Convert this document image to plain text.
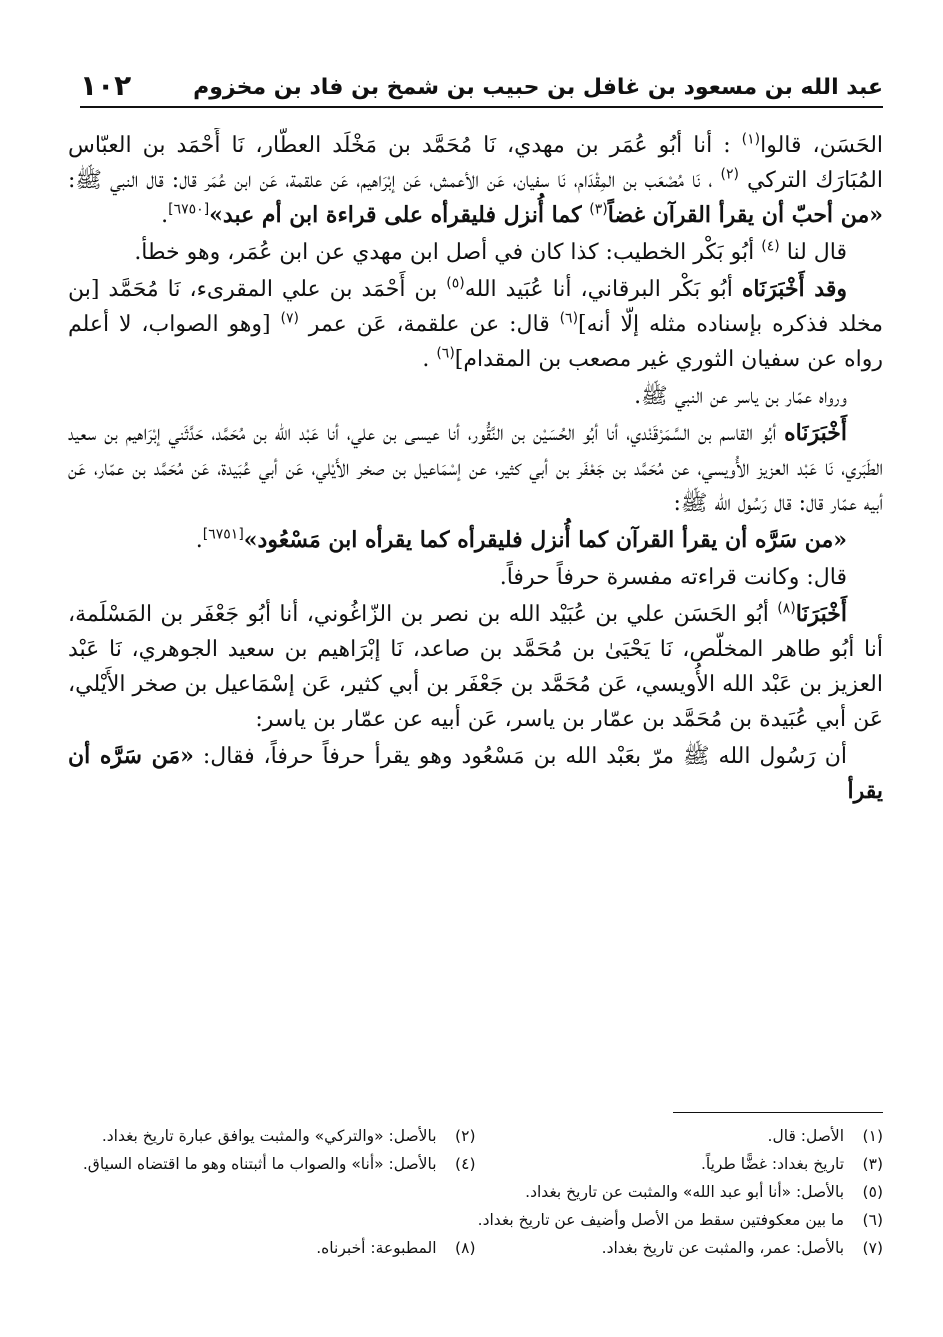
١٠٢	عبد الله بن مسعود بن غافل بن حبيب بن شمخ بن فاد بن مخزوم

الحَسَن، قالوا$^{(١)}$ : أنا أبُو عُمَر بن مهدي، نَا مُحَمَّد بن مَخْلَد العطَّار، نَا أَحْمَد بن العبّاس المُبَارَك التركي $^{(٢)}$ ، نَا مُصْعَب بن المِقْدَام، نَا سفيان، عَن الأعمش، عَن إبْرَاهيم، عَن علقمة، عَن ابن عُمَر قال: قال النبي ﷺ: «من أحبّ أن يقرأ القرآن غضاً$^{(٣)}$ كما أُنزل فليقرأه على قراءة ابن أم عبد»[٦٧٥٠].

قال لنا $^{(٤)}$ أبُو بَكْر الخطيب: كذا كان في أصل ابن مهدي عن ابن عُمَر، وهو خطأ.

وقد أَخْبَرَنَاه أبُو بَكْر البرقاني، أنا عُبَيد الله$^{(٥)}$ بن أَحْمَد بن علي المقرىء، نَا مُحَمَّد [بن مخلد فذكره بإسناده مثله إلّا أنه]$^{(٦)}$ قال: عن علقمة، عَن عمر $^{(٧)}$ [وهو الصواب، لا أعلم رواه عن سفيان الثوري غير مصعب بن المقدام]$^{(٦)}$ .

ورواه عمّار بن ياسر عن النبي ﷺ.

أَخْبَرَنَاه أبُو القاسم بن السَّمَرْقَنْدي، أنا أبُو الحُسَيْن بن النَّقُّور، أنا عيسى بن علي، أنا عَبْد الله بن مُحَمَّد، حَدَّثَني إبْرَاهيم بن سعيد الطَبَري، نَا عَبْد العزيز الأُويسي، عن مُحَمَّد بن جَعْفَر بن أبي كثير، عن إسْمَاعيل بن صخر الأَيْلي، عَن أبي عُبَيدة، عَن مُحَمَّد بن عمّار، عَن أبيه عمّار قال: قال رَسُول الله ﷺ:

«من سَرَّه أن يقرأ القرآن كما أُنزل فليقرأه كما يقرأه ابن مَسْعُود»[٦٧٥١].

قال: وكانت قراءته مفسرة حرفاً حرفاً.

أَخْبَرَنَا$^{(٨)}$ أبُو الحَسَن علي بن عُبَيْد الله بن نصر بن الزّاغُوني، أنا أبُو جَعْفَر بن المَسْلَمة، أنا أبُو طاهر المخلّص، نَا يَحْيَىٰ بن مُحَمَّد بن صاعد، نَا إبْرَاهيم بن سعيد الجوهري، نَا عَبْد العزيز بن عَبْد الله الأُويسي، عَن مُحَمَّد بن جَعْفَر بن أبي كثير، عَن إسْمَاعيل بن صخر الأَيْلي، عَن أبي عُبَيدة بن مُحَمَّد بن عمّار بن ياسر، عَن أبيه عن عمّار بن ياسر:

أن رَسُول الله ﷺ مرّ بعَبْد الله بن مَسْعُود وهو يقرأ حرفاً حرفاً، فقال: «مَن سَرَّه أن يقرأ

(١) الأصل: قال.
(٢) بالأصل: «والتركي» والمثبت يوافق عبارة تاريخ بغداد.
(٣) تاريخ بغداد: غضًّا طرياً.
(٤) بالأصل: «أنا» والصواب ما أثبتناه وهو ما اقتضاه السياق.
(٥) بالأصل: «أنا أبو عبد الله» والمثبت عن تاريخ بغداد.
(٦) ما بين معكوفتين سقط من الأصل وأضيف عن تاريخ بغداد.
(٧) بالأصل: عمر، والمثبت عن تاريخ بغداد.
(٨) المطبوعة: أخبرناه.
